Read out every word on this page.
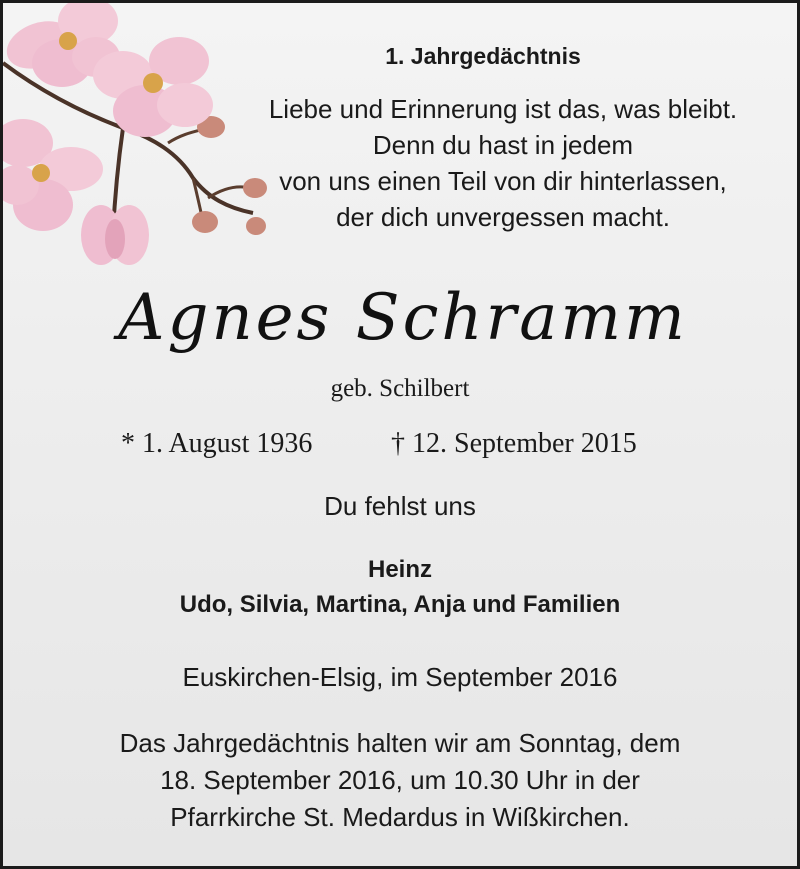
1. Jahrgedächtnis
Liebe und Erinnerung ist das, was bleibt.
Denn du hast in jedem
von uns einen Teil von dir hinterlassen,
der dich unvergessen macht.
Agnes Schramm
geb. Schilbert
* 1. August 1936	† 12. September 2015
Du fehlst uns
Heinz
Udo, Silvia, Martina, Anja und Familien
Euskirchen-Elsig, im September 2016
Das Jahrgedächtnis halten wir am Sonntag, dem
18. September 2016, um 10.30 Uhr in der
Pfarrkirche St. Medardus in Wißkirchen.
